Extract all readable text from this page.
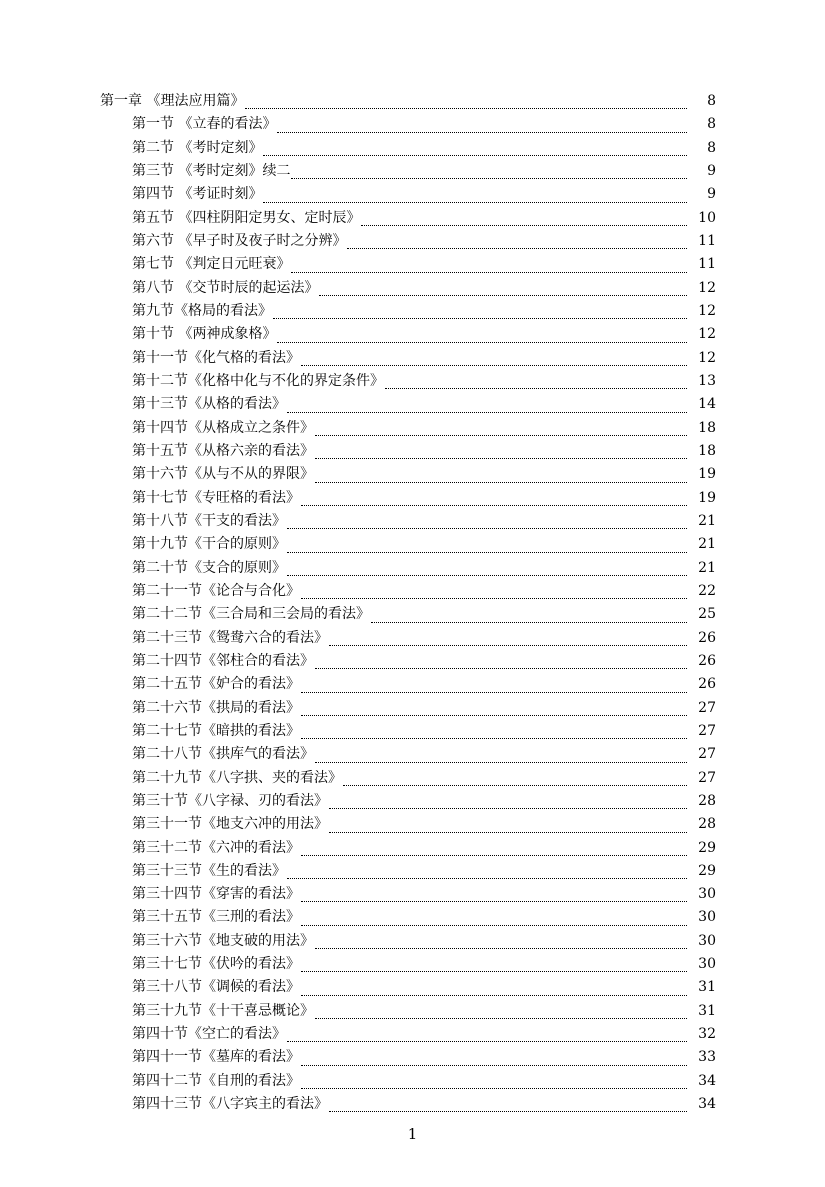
第一章 《理法应用篇》	8
第一节 《立春的看法》	8
第二节 《考时定刻》	8
第三节 《考时定刻》续二	9
第四节 《考证时刻》	9
第五节 《四柱阴阳定男女、定时辰》	10
第六节 《早子时及夜子时之分辨》	11
第七节 《判定日元旺衰》	11
第八节 《交节时辰的起运法》	12
第九节《格局的看法》	12
第十节 《两神成象格》	12
第十一节《化气格的看法》	12
第十二节《化格中化与不化的界定条件》	13
第十三节《从格的看法》	14
第十四节《从格成立之条件》	18
第十五节《从格六亲的看法》	18
第十六节《从与不从的界限》	19
第十七节《专旺格的看法》	19
第十八节《干支的看法》	21
第十九节《干合的原则》	21
第二十节《支合的原则》	21
第二十一节《论合与合化》	22
第二十二节《三合局和三会局的看法》	25
第二十三节《鸳鸯六合的看法》	26
第二十四节《邻柱合的看法》	26
第二十五节《妒合的看法》	26
第二十六节《拱局的看法》	27
第二十七节《暗拱的看法》	27
第二十八节《拱库气的看法》	27
第二十九节《八字拱、夹的看法》	27
第三十节《八字禄、刃的看法》	28
第三十一节《地支六冲的用法》	28
第三十二节《六冲的看法》	29
第三十三节《生的看法》	29
第三十四节《穿害的看法》	30
第三十五节《三刑的看法》	30
第三十六节《地支破的用法》	30
第三十七节《伏吟的看法》	30
第三十八节《调候的看法》	31
第三十九节《十干喜忌概论》	31
第四十节《空亡的看法》	32
第四十一节《墓库的看法》	33
第四十二节《自刑的看法》	34
第四十三节《八字宾主的看法》	34
1
